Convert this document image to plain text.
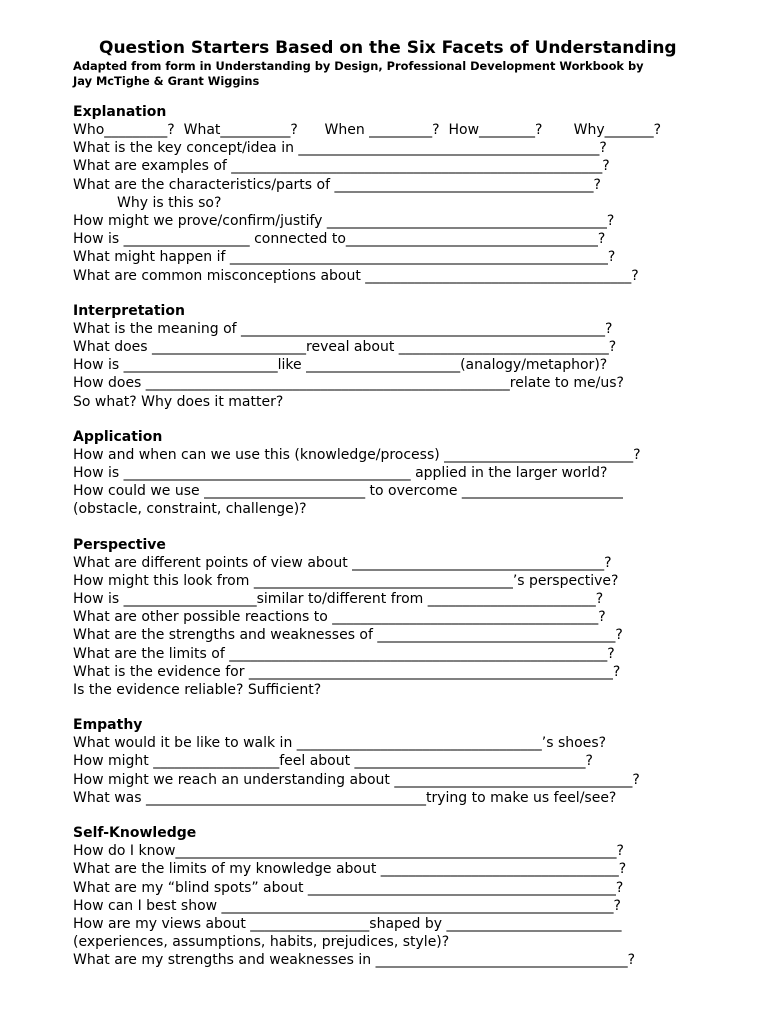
Question Starters Based on the Six Facets of Understanding

Adapted from form in Understanding by Design, Professional Development Workbook by

Jay McTighe & Grant Wiggins

Explanation

Who_________?  What__________?      When _________?  How________?       Why_______?

What is the key concept/idea in ___________________________________________?

What are examples of _____________________________________________________?

What are the characteristics/parts of _____________________________________?

Why is this so?

How might we prove/confirm/justify ________________________________________?

How is __________________ connected to____________________________________?

What might happen if ______________________________________________________?

What are common misconceptions about ______________________________________?

Interpretation

What is the meaning of ____________________________________________________?

What does ______________________reveal about ______________________________?

How is ______________________like ______________________(analogy/metaphor)?

How does ____________________________________________________relate to me/us?

So what? Why does it matter?

Application

How and when can we use this (knowledge/process) ___________________________?

How is _________________________________________ applied in the larger world?

How could we use _______________________ to overcome _______________________

(obstacle, constraint, challenge)?

Perspective

What are different points of view about ____________________________________?

How might this look from _____________________________________’s perspective?

How is ___________________similar to/different from ________________________?

What are other possible reactions to ______________________________________?

What are the strengths and weaknesses of __________________________________?

What are the limits of ______________________________________________________?

What is the evidence for ____________________________________________________?

Is the evidence reliable? Sufficient?

Empathy

What would it be like to walk in ___________________________________’s shoes?

How might __________________feel about _________________________________?

How might we reach an understanding about __________________________________?

What was ________________________________________trying to make us feel/see?

Self-Knowledge

How do I know_______________________________________________________________?

What are the limits of my knowledge about __________________________________?

What are my “blind spots” about ____________________________________________?

How can I best show ________________________________________________________?

How are my views about _________________shaped by _________________________

(experiences, assumptions, habits, prejudices, style)?

What are my strengths and weaknesses in ____________________________________?
